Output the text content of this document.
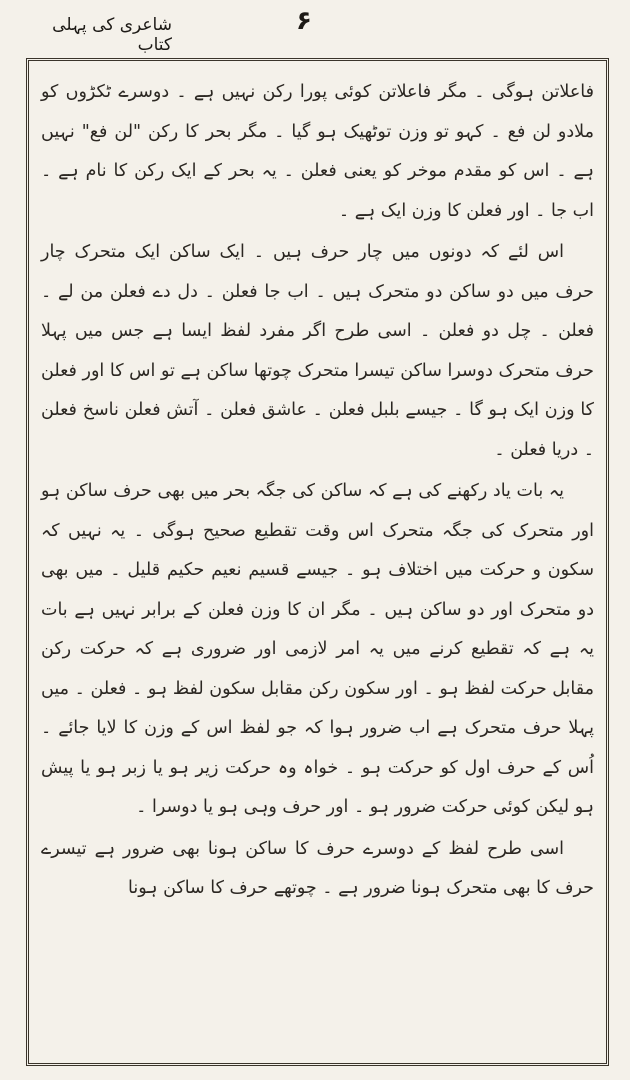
شاعری کی پہلی کتاب
۶

فاعلاتن ہوگی ۔ مگر فاعلاتن کوئی پورا رکن نہیں ہے ۔ دوسرے ٹکڑوں کو ملادو لن فع ۔ کہو تو وزن توٹھیک ہو گیا ۔ مگر بحر کا رکن "لن فع" نہیں ہے ۔ اس کو مقدم موخر کو یعنی فعلن ۔ یہ بحر کے ایک رکن کا نام ہے ۔ اب جا ۔ اور فعلن کا وزن ایک ہے ۔

اس لئے کہ دونوں میں چار حرف ہیں ۔ ایک ساکن ایک متحرک چار حرف میں دو ساکن دو متحرک ہیں ۔ اب جا فعلن ۔ دل دے فعلن من لے ۔ فعلن ۔ چل دو فعلن ۔ اسی طرح اگر مفرد لفظ ایسا ہے جس میں پہلا حرف متحرک دوسرا ساکن تیسرا متحرک چوتھا ساکن ہے تو اس کا اور فعلن کا وزن ایک ہو گا ۔ جیسے بلبل فعلن ۔ عاشق فعلن ۔ آتش فعلن ناسخ فعلن ۔ دریا فعلن ۔

یہ بات یاد رکھنے کی ہے کہ ساکن کی جگہ بحر میں بھی حرف ساکن ہو اور متحرک کی جگہ متحرک اس وقت تقطیع صحیح ہوگی ۔ یہ نہیں کہ سکون و حرکت میں اختلاف ہو ۔ جیسے قسیم نعیم حکیم قلیل ۔ میں بھی دو متحرک اور دو ساکن ہیں ۔ مگر ان کا وزن فعلن کے برابر نہیں ہے بات یہ ہے کہ تقطیع کرنے میں یہ امر لازمی اور ضروری ہے کہ حرکت رکن مقابل حرکت لفظ ہو ۔ اور سکون رکن مقابل سکون لفظ ہو ۔ فعلن ۔ میں پہلا حرف متحرک ہے اب ضرور ہوا کہ جو لفظ اس کے وزن کا لایا جائے ۔ اُس کے حرف اول کو حرکت ہو ۔ خواہ وہ حرکت زیر ہو یا زبر ہو یا پیش ہو لیکن کوئی حرکت ضرور ہو ۔ اور حرف وہی ہو یا دوسرا ۔

اسی طرح لفظ کے دوسرے حرف کا ساکن ہونا بھی ضرور ہے تیسرے حرف کا بھی متحرک ہونا ضرور ہے ۔ چوتھے حرف کا ساکن ہونا
